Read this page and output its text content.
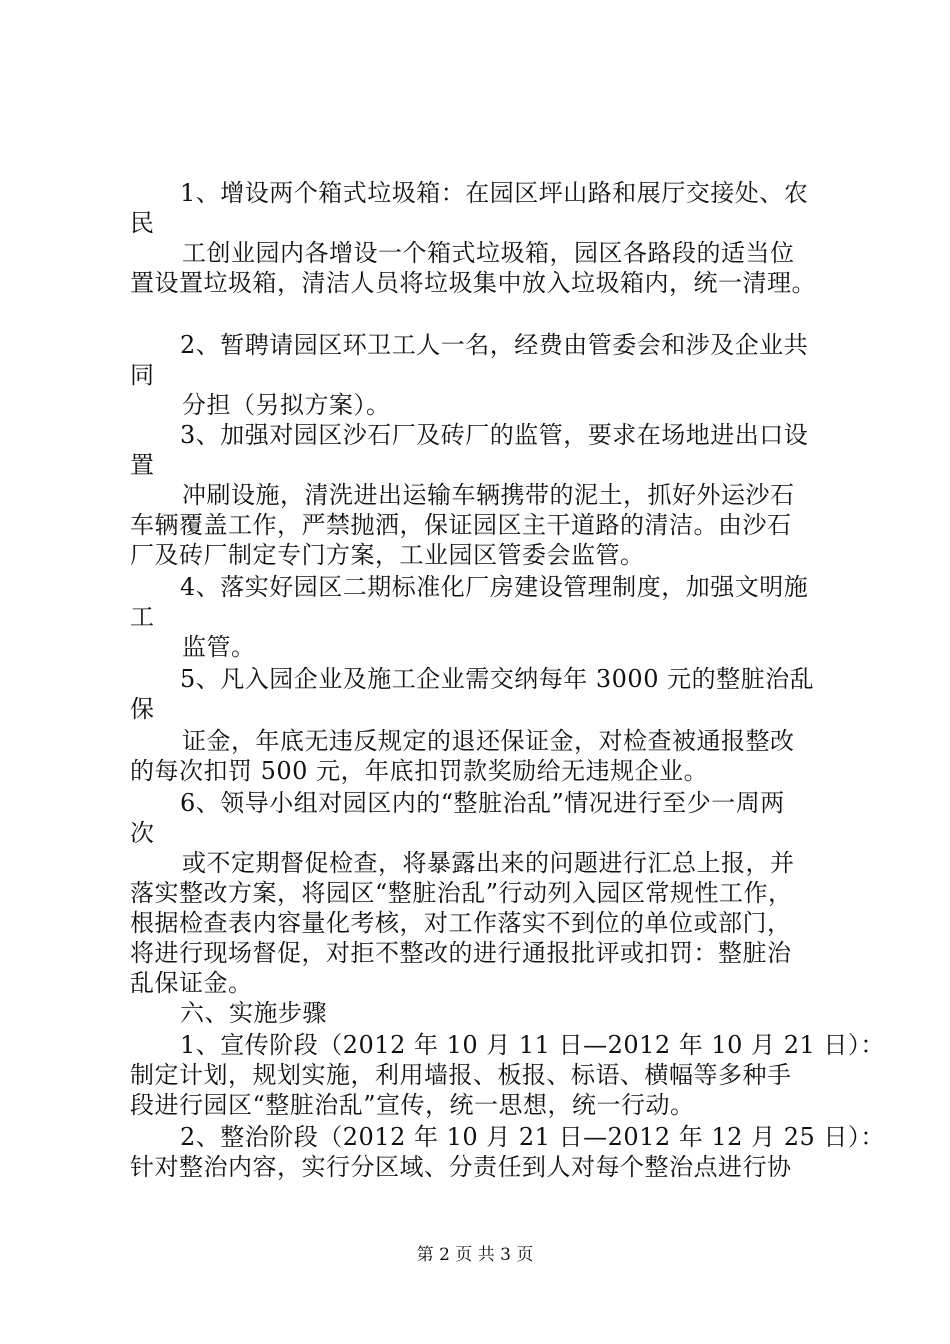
1、增设两个箱式垃圾箱：在园区坪山路和展厅交接处、农
民
工创业园内各增设一个箱式垃圾箱，园区各路段的适当位
置设置垃圾箱，清洁人员将垃圾集中放入垃圾箱内，统一清理。
2、暂聘请园区环卫工人一名，经费由管委会和涉及企业共
同
分担（另拟方案）。
3、加强对园区沙石厂及砖厂的监管，要求在场地进出口设
置
冲刷设施，清洗进出运输车辆携带的泥土，抓好外运沙石
车辆覆盖工作，严禁抛洒，保证园区主干道路的清洁。由沙石
厂及砖厂制定专门方案，工业园区管委会监管。
4、落实好园区二期标准化厂房建设管理制度，加强文明施
工
监管。
5、凡入园企业及施工企业需交纳每年 3000 元的整脏治乱
保
证金，年底无违反规定的退还保证金，对检查被通报整改
的每次扣罚 500 元，年底扣罚款奖励给无违规企业。
6、领导小组对园区内的“整脏治乱”情况进行至少一周两
次
或不定期督促检查，将暴露出来的问题进行汇总上报，并
落实整改方案，将园区“整脏治乱”行动列入园区常规性工作，
根据检查表内容量化考核，对工作落实不到位的单位或部门，
将进行现场督促，对拒不整改的进行通报批评或扣罚：整脏治
乱保证金。
六、实施步骤
1、宣传阶段（2012 年 10 月 11 日—2012 年 10 月 21 日）：
制定计划，规划实施，利用墙报、板报、标语、横幅等多种手
段进行园区“整脏治乱”宣传，统一思想，统一行动。
2、整治阶段（2012 年 10 月 21 日—2012 年 12 月 25 日）：
针对整治内容，实行分区域、分责任到人对每个整治点进行协
第 2 页 共 3 页
